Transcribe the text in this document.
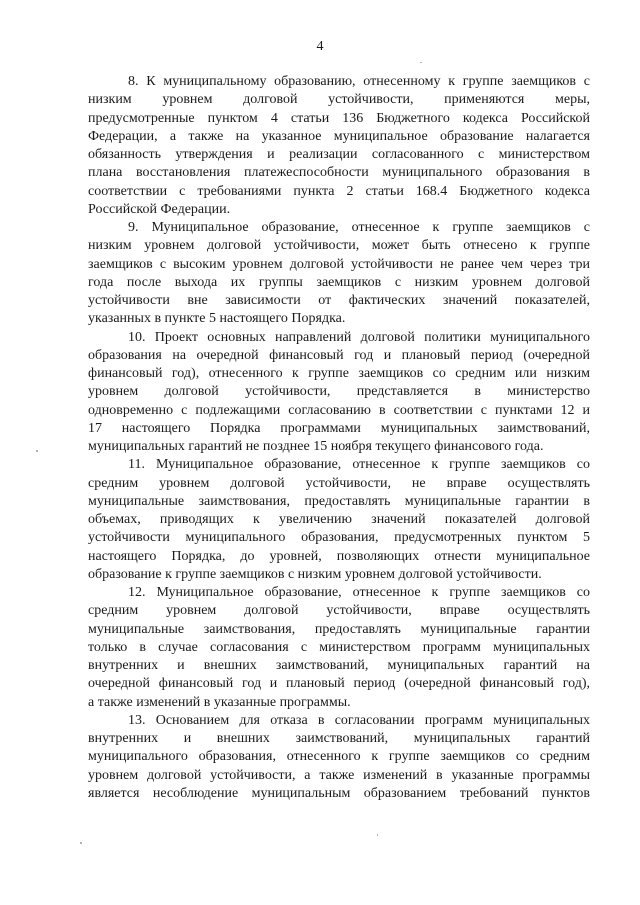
4

8. К муниципальному образованию, отнесенному к группе заемщиков с
низким уровнем долговой устойчивости, применяются меры,
предусмотренные пунктом 4 статьи 136 Бюджетного кодекса Российской
Федерации, а также на указанное муниципальное образование налагается
обязанность утверждения и реализации согласованного с министерством
плана восстановления платежеспособности муниципального образования в
соответствии с требованиями пункта 2 статьи 168.4 Бюджетного кодекса
Российской Федерации.

9. Муниципальное образование, отнесенное к группе заемщиков с
низким уровнем долговой устойчивости, может быть отнесено к группе
заемщиков с высоким уровнем долговой устойчивости не ранее чем через три
года после выхода их группы заемщиков с низким уровнем долговой
устойчивости вне зависимости от фактических значений показателей,
указанных в пункте 5 настоящего Порядка.

10. Проект основных направлений долговой политики муниципального
образования на очередной финансовый год и плановый период (очередной
финансовый год), отнесенного к группе заемщиков со средним или низким
уровнем долговой устойчивости, представляется в министерство
одновременно с подлежащими согласованию в соответствии с пунктами 12 и
17 настоящего Порядка программами муниципальных заимствований,
муниципальных гарантий не позднее 15 ноября текущего финансового года.

11. Муниципальное образование, отнесенное к группе заемщиков со
средним уровнем долговой устойчивости, не вправе осуществлять
муниципальные заимствования, предоставлять муниципальные гарантии в
объемах, приводящих к увеличению значений показателей долговой
устойчивости муниципального образования, предусмотренных пунктом 5
настоящего Порядка, до уровней, позволяющих отнести муниципальное
образование к группе заемщиков с низким уровнем долговой устойчивости.

12. Муниципальное образование, отнесенное к группе заемщиков со
средним уровнем долговой устойчивости, вправе осуществлять
муниципальные заимствования, предоставлять муниципальные гарантии
только в случае согласования с министерством программ муниципальных
внутренних и внешних заимствований, муниципальных гарантий на
очередной финансовый год и плановый период (очередной финансовый год),
а также изменений в указанные программы.

13. Основанием для отказа в согласовании программ муниципальных
внутренних и внешних заимствований, муниципальных гарантий
муниципального образования, отнесенного к группе заемщиков со средним
уровнем долговой устойчивости, а также изменений в указанные программы
является несоблюдение муниципальным образованием требований пунктов
